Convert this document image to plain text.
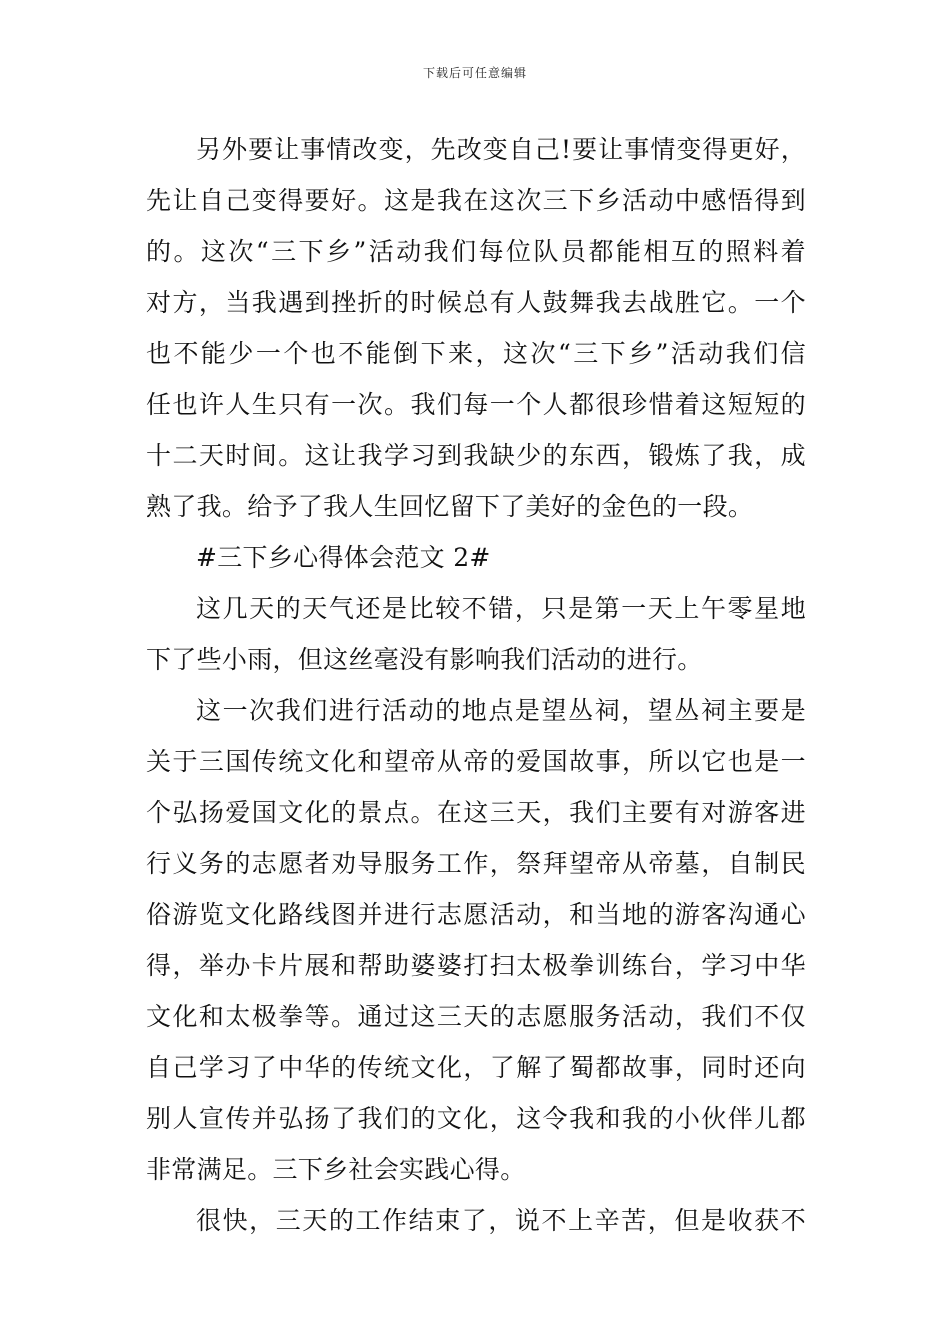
下载后可任意编辑
另外要让事情改变，先改变自己!要让事情变得更好，
先让自己变得要好。这是我在这次三下乡活动中感悟得到
的。这次“三下乡”活动我们每位队员都能相互的照料着
对方，当我遇到挫折的时候总有人鼓舞我去战胜它。一个
也不能少一个也不能倒下来，这次“三下乡”活动我们信
任也许人生只有一次。我们每一个人都很珍惜着这短短的
十二天时间。这让我学习到我缺少的东西，锻炼了我，成
熟了我。给予了我人生回忆留下了美好的金色的一段。
#三下乡心得体会范文 2#
这几天的天气还是比较不错，只是第一天上午零星地
下了些小雨，但这丝毫没有影响我们活动的进行。
这一次我们进行活动的地点是望丛祠，望丛祠主要是
关于三国传统文化和望帝从帝的爱国故事，所以它也是一
个弘扬爱国文化的景点。在这三天，我们主要有对游客进
行义务的志愿者劝导服务工作，祭拜望帝从帝墓，自制民
俗游览文化路线图并进行志愿活动，和当地的游客沟通心
得，举办卡片展和帮助婆婆打扫太极拳训练台，学习中华
文化和太极拳等。通过这三天的志愿服务活动，我们不仅
自己学习了中华的传统文化，了解了蜀都故事，同时还向
别人宣传并弘扬了我们的文化，这令我和我的小伙伴儿都
非常满足。三下乡社会实践心得。
很快，三天的工作结束了，说不上辛苦，但是收获不
